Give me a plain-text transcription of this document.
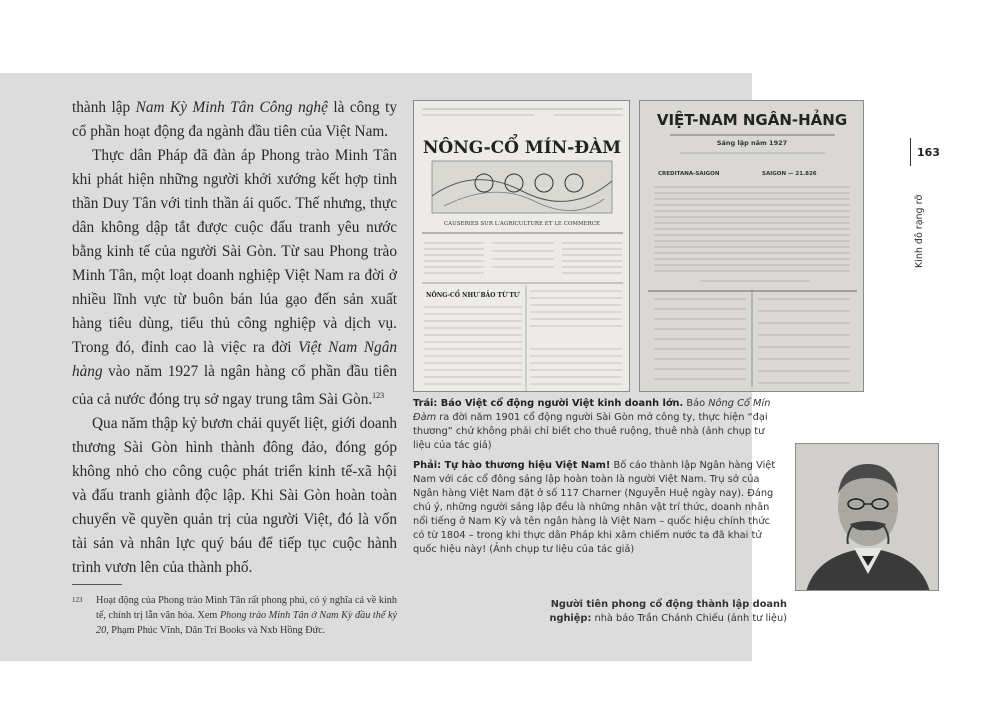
thành lập Nam Kỳ Minh Tân Công nghệ là công ty cổ phần hoạt động đa ngành đầu tiên của Việt Nam.

Thực dân Pháp đã đàn áp Phong trào Minh Tân khi phát hiện những người khởi xướng kết hợp tinh thần Duy Tân với tinh thần ái quốc. Thế nhưng, thực dân không dập tắt được cuộc đấu tranh yêu nước bằng kinh tế của người Sài Gòn. Từ sau Phong trào Minh Tân, một loạt doanh nghiệp Việt Nam ra đời ở nhiều lĩnh vực từ buôn bán lúa gạo đến sản xuất hàng tiêu dùng, tiểu thủ công nghiệp và dịch vụ. Trong đó, đỉnh cao là việc ra đời Việt Nam Ngân hàng vào năm 1927 là ngân hàng cổ phần đầu tiên của cả nước đóng trụ sở ngay trung tâm Sài Gòn.$^{123}$

Qua năm thập kỷ bươn chải quyết liệt, giới doanh thương Sài Gòn hình thành đông đảo, đóng góp không nhỏ cho công cuộc phát triển kinh tế-xã hội và đấu tranh giành độc lập. Khi Sài Gòn hoàn toàn chuyển về quyền quản trị của người Việt, đó là vốn tài sản và nhân lực quý báu để tiếp tục cuộc hành trình vươn lên của thành phố.

123 Hoạt động của Phong trào Minh Tân rất phong phú, có ý nghĩa cả về kinh tế, chính trị lẫn văn hóa. Xem Phong trào Minh Tân ở Nam Kỳ đầu thế kỷ 20, Phạm Phúc Vĩnh, Dân Trí Books và Nxb Hồng Đức.
NÔNG-CỔ MÍN-ĐÀM
CAUSERIES SUR L'AGRICULTURE ET LE COMMERCE
NÔNG-CỔ NHƯ BẢO TỪ TƯ
VIỆT-NAM NGÂN-HẢNG
Sáng lập năm 1927
CREDITANA-SAIGON	SAIGON — 21.826
Trái: Báo Việt cổ động người Việt kinh doanh lớn. Báo Nông Cổ Mín Đàm ra đời năm 1901 cổ động người Sài Gòn mở công ty, thực hiện “đại thương” chứ không phải chỉ biết cho thuê ruộng, thuê nhà (ảnh chụp tư liệu của tác giả)
Phải: Tự hào thương hiệu Việt Nam! Bố cáo thành lập Ngân hàng Việt Nam với các cổ đông sáng lập hoàn toàn là người Việt Nam. Trụ sở của Ngân hàng Việt Nam đặt ở số 117 Charner (Nguyễn Huệ ngày nay). Đáng chú ý, những người sáng lập đều là những nhân vật trí thức, doanh nhân nổi tiếng ở Nam Kỳ và tên ngân hàng là Việt Nam – quốc hiệu chính thức có từ 1804 – trong khi thực dân Pháp khi xâm chiếm nước ta đã khai tử quốc hiệu này! (Ảnh chụp tư liệu của tác giả)
Người tiên phong cổ động thành lập doanh nghiệp: nhà báo Trần Chánh Chiếu (ảnh tư liệu)
163
Kinh đô rạng rỡ
